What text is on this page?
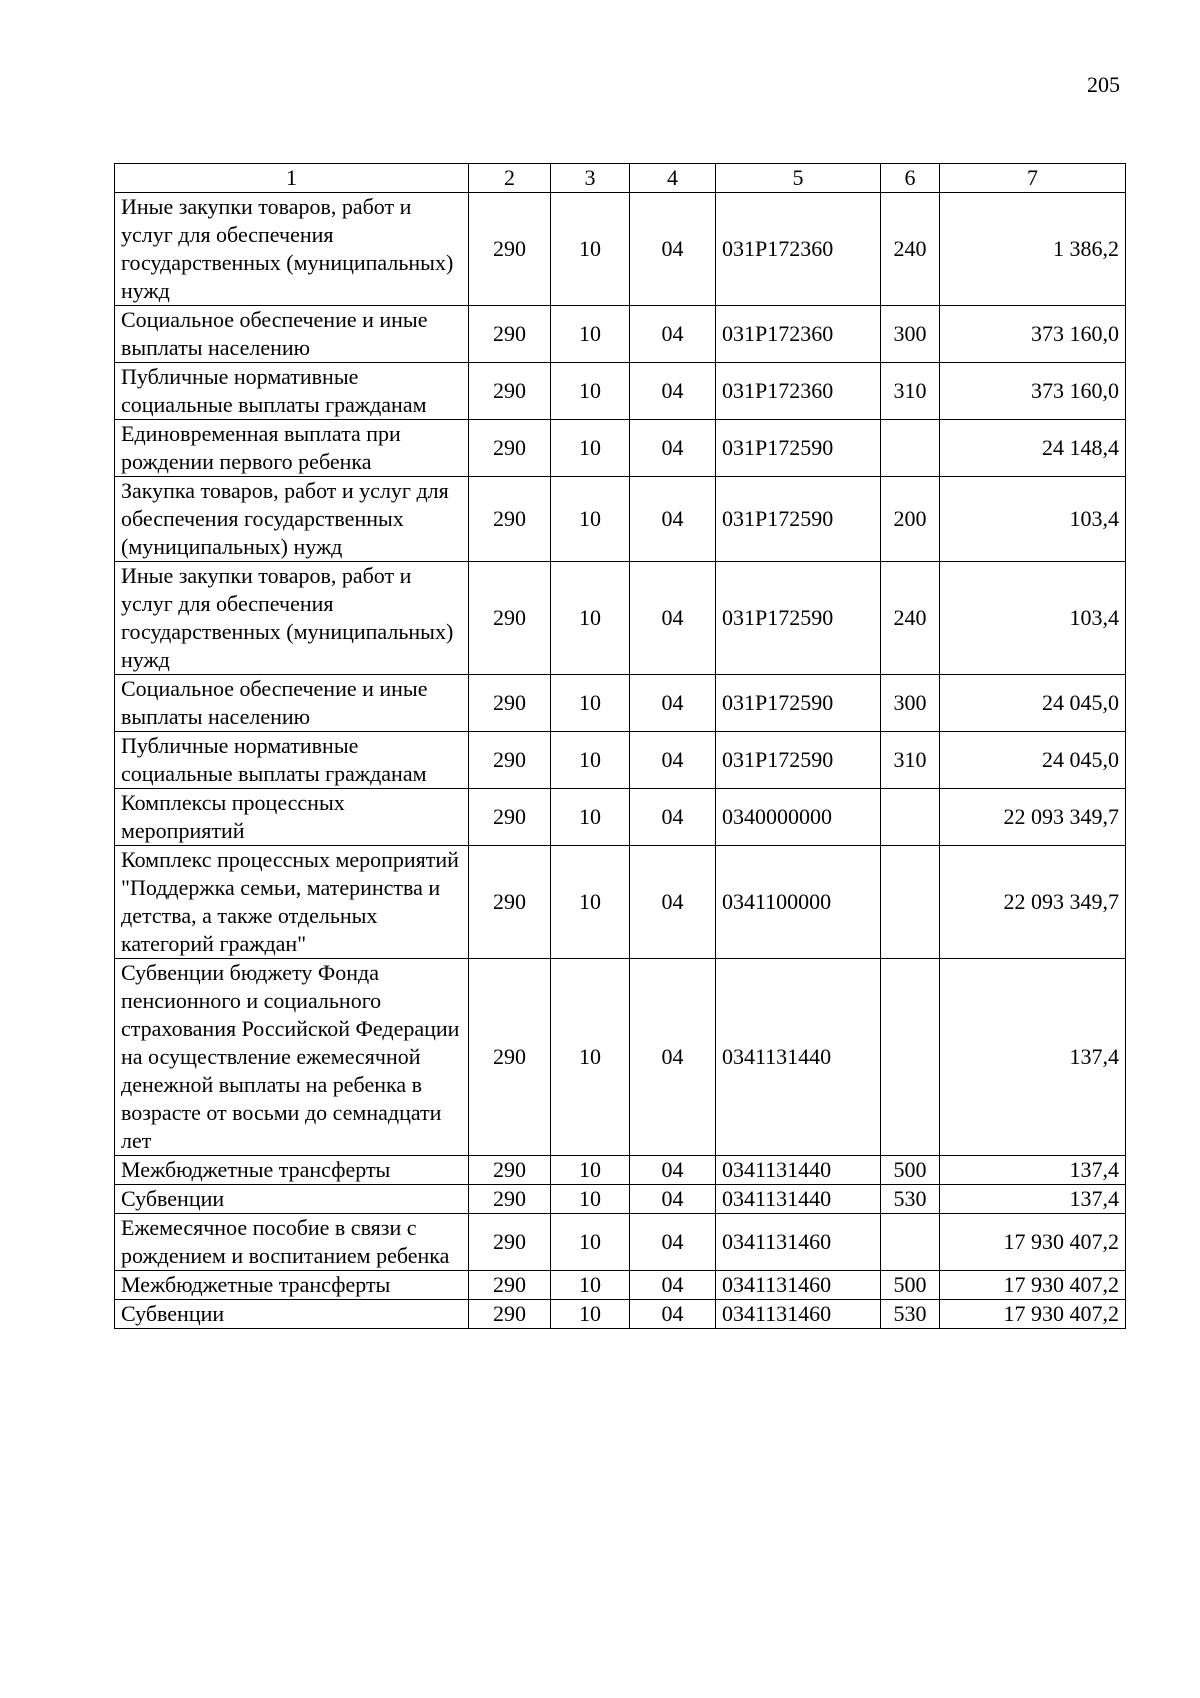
205
1	2	3	4	5	6	7
Иные закупки товаров, работ и услуг для обеспечения государственных (муниципальных) нужд	290	10	04	031P172360	240	1 386,2
Социальное обеспечение и иные выплаты населению	290	10	04	031P172360	300	373 160,0
Публичные нормативные социальные выплаты гражданам	290	10	04	031P172360	310	373 160,0
Единовременная выплата при рождении первого ребенка	290	10	04	031P172590		24 148,4
Закупка товаров, работ и услуг для обеспечения государственных (муниципальных) нужд	290	10	04	031P172590	200	103,4
Иные закупки товаров, работ и услуг для обеспечения государственных (муниципальных) нужд	290	10	04	031P172590	240	103,4
Социальное обеспечение и иные выплаты населению	290	10	04	031P172590	300	24 045,0
Публичные нормативные социальные выплаты гражданам	290	10	04	031P172590	310	24 045,0
Комплексы процессных мероприятий	290	10	04	0340000000		22 093 349,7
Комплекс процессных мероприятий "Поддержка семьи, материнства и детства, а также отдельных категорий граждан"	290	10	04	0341100000		22 093 349,7
Субвенции бюджету Фонда пенсионного и социального страхования Российской Федерации на осуществление ежемесячной денежной выплаты на ребенка в возрасте от восьми до семнадцати лет	290	10	04	0341131440		137,4
Межбюджетные трансферты	290	10	04	0341131440	500	137,4
Субвенции	290	10	04	0341131440	530	137,4
Ежемесячное пособие в связи с рождением и воспитанием ребенка	290	10	04	0341131460		17 930 407,2
Межбюджетные трансферты	290	10	04	0341131460	500	17 930 407,2
Субвенции	290	10	04	0341131460	530	17 930 407,2
